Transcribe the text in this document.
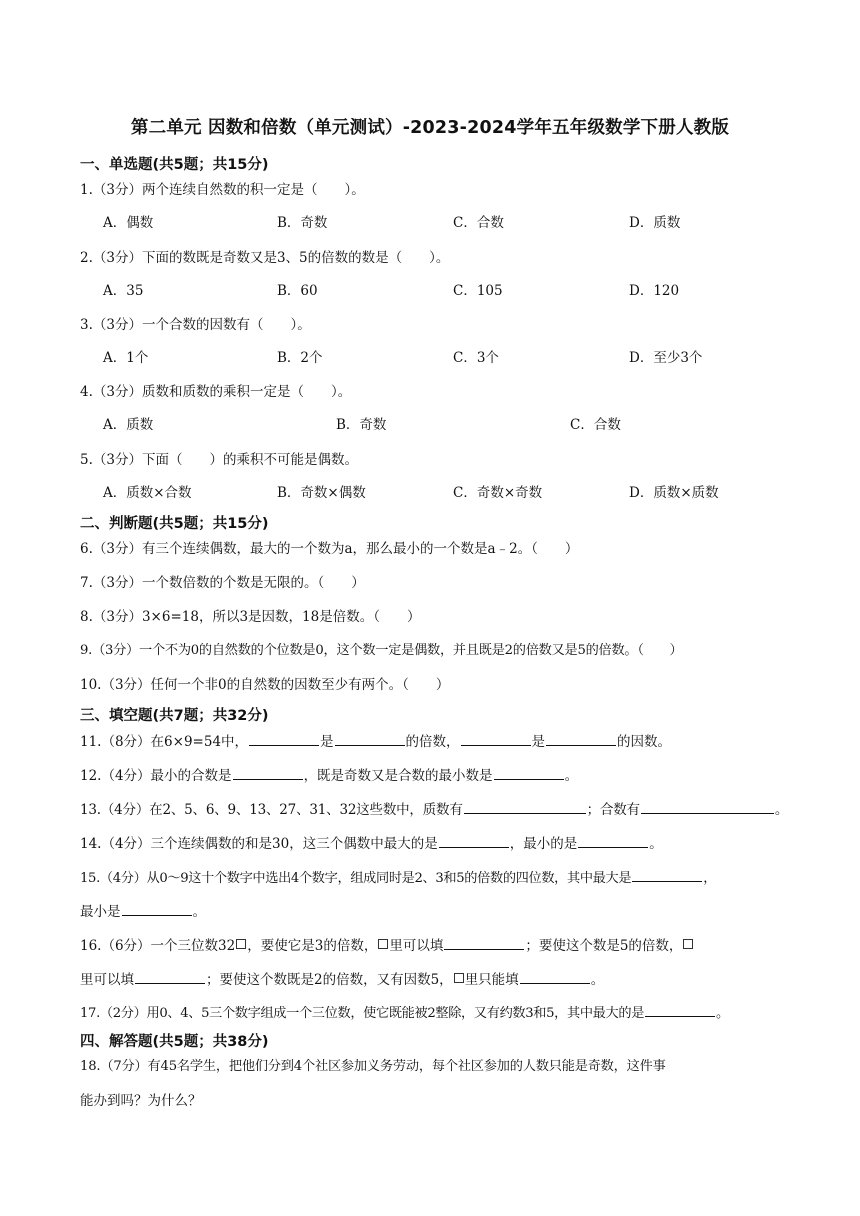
第二单元 因数和倍数（单元测试）-2023-2024学年五年级数学下册人教版
一、单选题(共5题；共15分)
1.（3分）两个连续自然数的积一定是（　　）。
A．偶数	B．奇数	C．合数	D．质数
2.（3分）下面的数既是奇数又是3、5的倍数的数是（　　）。
A．35	B．60	C．105	D．120
3.（3分）一个合数的因数有（　　）。
A．1个	B．2个	C．3个	D．至少3个
4.（3分）质数和质数的乘积一定是（　　）。
A．质数	B．奇数	C．合数
5.（3分）下面（　　）的乘积不可能是偶数。
A．质数×合数	B．奇数×偶数	C．奇数×奇数	D．质数×质数
二、判断题(共5题；共15分)
6.（3分）有三个连续偶数，最大的一个数为a，那么最小的一个数是a﹣2。（　　）
7.（3分）一个数倍数的个数是无限的。（　　）
8.（3分）3×6=18，所以3是因数，18是倍数。（　　）
9.（3分）一个不为0的自然数的个位数是0，这个数一定是偶数，并且既是2的倍数又是5的倍数。（　　）
10.（3分）任何一个非0的自然数的因数至少有两个。（　　）
三、填空题(共7题；共32分)
11.（8分）在6×9=54中，	是	的倍数，	是	的因数。
12.（4分）最小的合数是	，既是奇数又是合数的最小数是	。
13.（4分）在2、5、6、9、13、27、31、32这些数中，质数有	；合数有	。
14.（4分）三个连续偶数的和是30，这三个偶数中最大的是	，最小的是	。
15.（4分）从0～9这十个数字中选出4个数字，组成同时是2、3和5的倍数的四位数，其中最大是	，
最小是	。
16.（6分）一个三位数32 ，要使它是3的倍数， 里可以填	；要使这个数是5的倍数，
里可以填	；要使这个数既是2的倍数，又有因数5， 里只能填	。
17.（2分）用0、4、5三个数字组成一个三位数，使它既能被2整除，又有约数3和5，其中最大的是	。
四、解答题(共5题；共38分)
18.（7分）有45名学生，把他们分到4个社区参加义务劳动，每个社区参加的人数只能是奇数，这件事
能办到吗？为什么？
